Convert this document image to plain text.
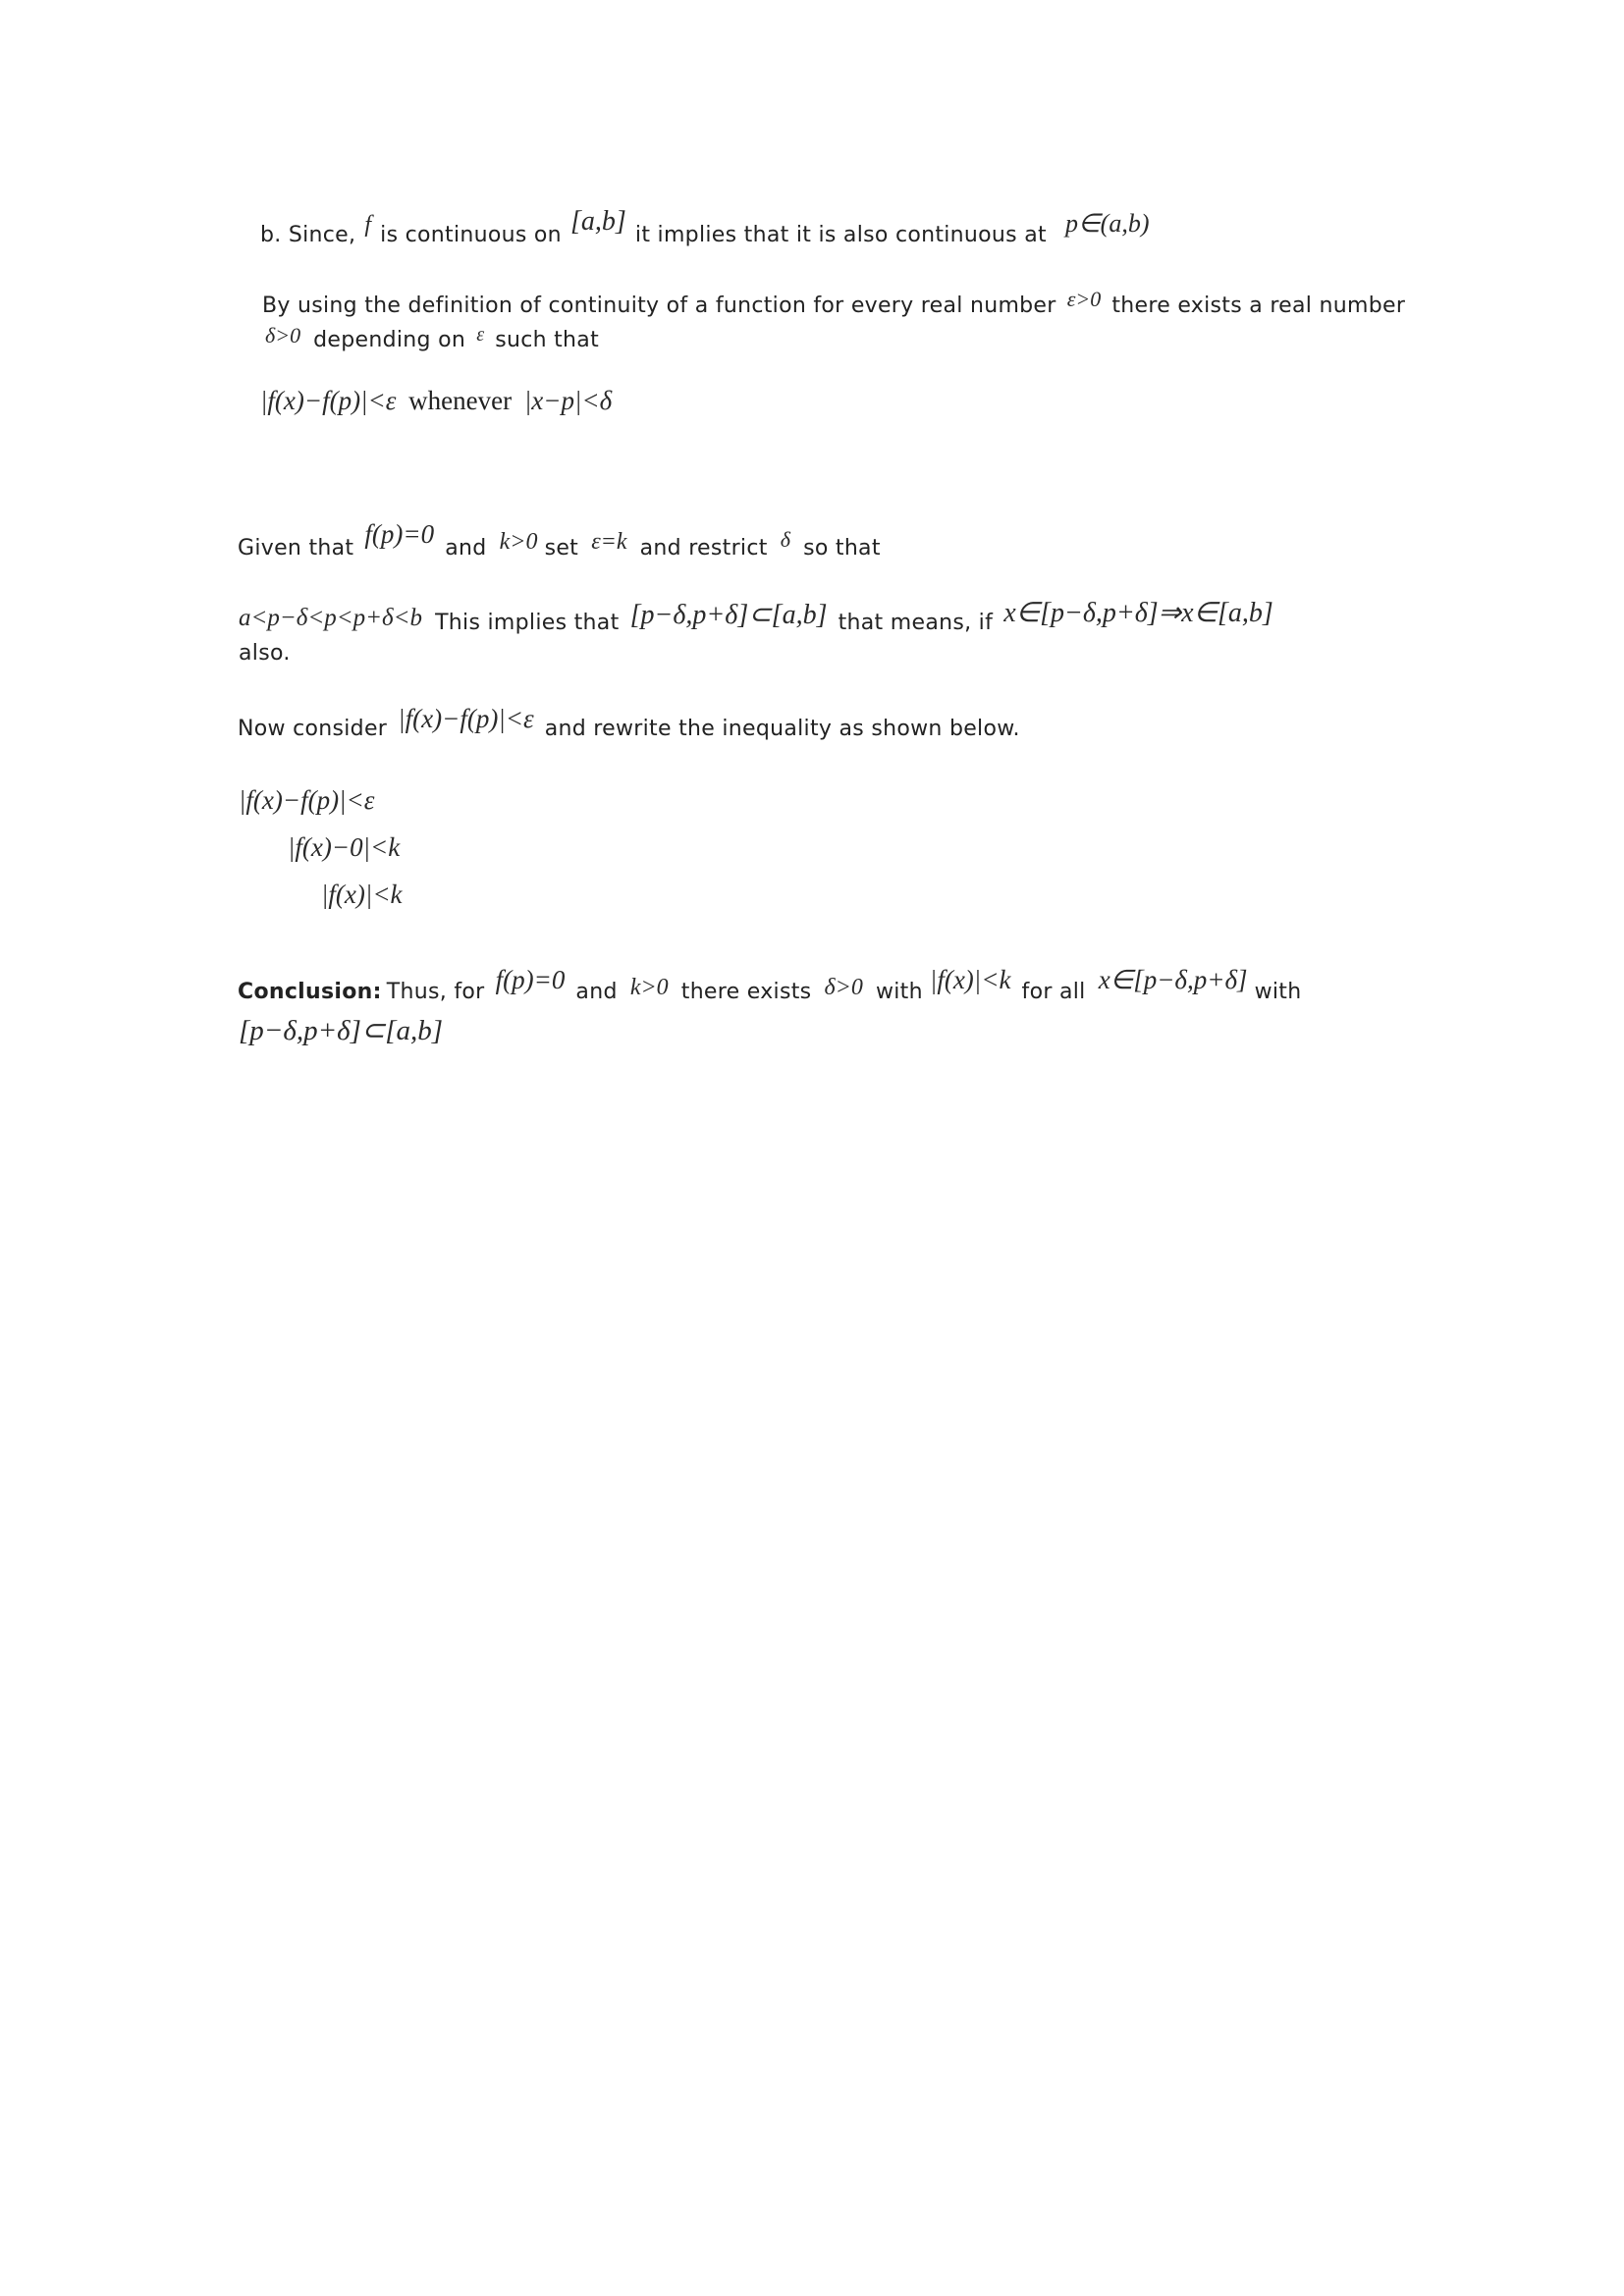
b. Since, f is continuous on [a,b] it implies that it is also continuous at p∈(a,b)
By using the definition of continuity of a function for every real number ε>0 there exists a real number
δ>0 depending on ε such that
|f(x)−f(p)|<ε whenever |x−p|<δ
Given that f(p)=0 and k>0 set ε=k and restrict δ so that
a<p−δ<p<p+δ<b This implies that [p−δ,p+δ]⊂[a,b] that means, if x∈[p−δ,p+δ]⇒x∈[a,b]
also.
Now consider |f(x)−f(p)|<ε and rewrite the inequality as shown below.
|f(x)−f(p)|<ε
|f(x)−0|<k
|f(x)|<k
Conclusion: Thus, for f(p)=0 and k>0 there exists δ>0 with |f(x)|<k for all x∈[p−δ,p+δ] with
[p−δ,p+δ]⊂[a,b]
